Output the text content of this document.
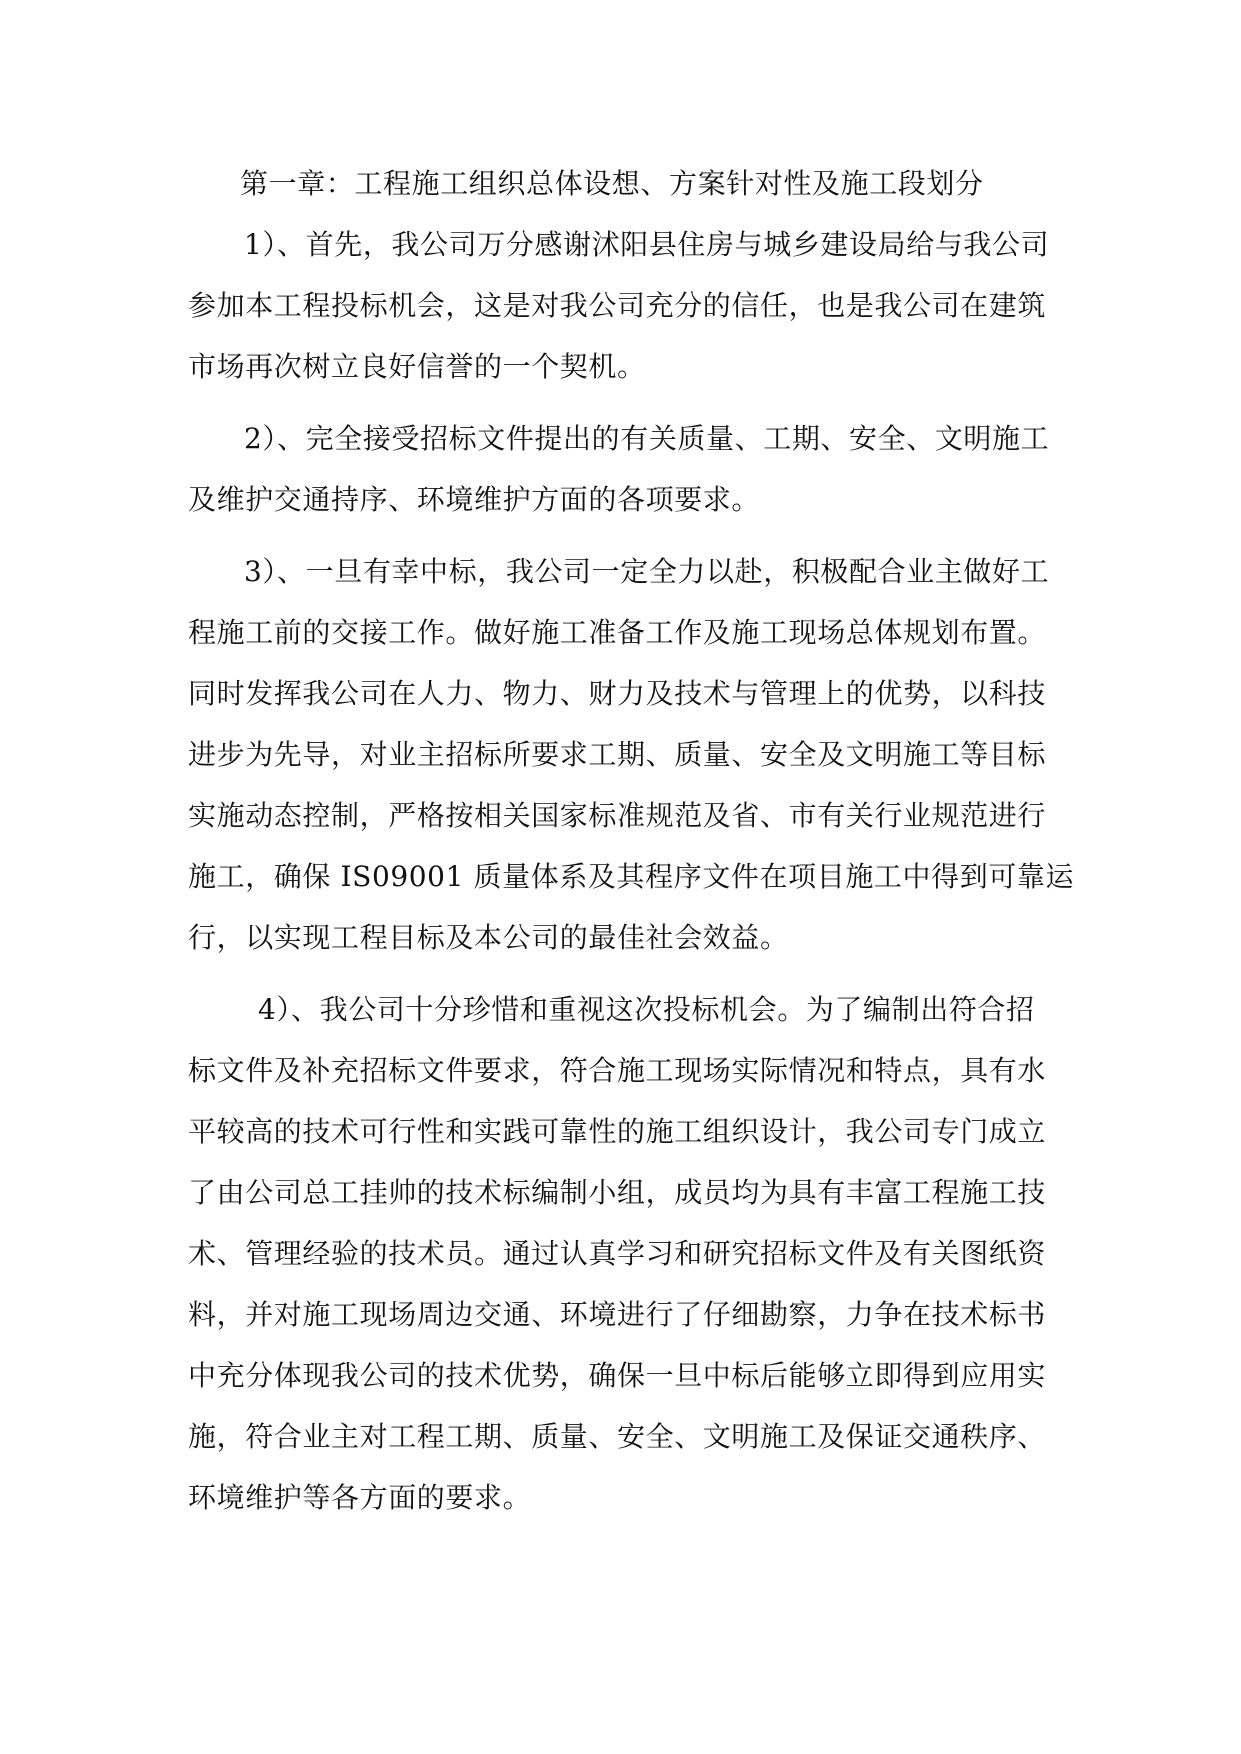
第一章：工程施工组织总体设想、方案针对性及施工段划分
1）、首先，我公司万分感谢沭阳县住房与城乡建设局给与我公司
参加本工程投标机会，这是对我公司充分的信任，也是我公司在建筑
市场再次树立良好信誉的一个契机。
2）、完全接受招标文件提出的有关质量、工期、安全、文明施工
及维护交通持序、环境维护方面的各项要求。
3）、一旦有幸中标，我公司一定全力以赴，积极配合业主做好工
程施工前的交接工作。做好施工准备工作及施工现场总体规划布置。
同时发挥我公司在人力、物力、财力及技术与管理上的优势，以科技
进步为先导，对业主招标所要求工期、质量、安全及文明施工等目标
实施动态控制，严格按相关国家标准规范及省、市有关行业规范进行
施工，确保 IS09001 质量体系及其程序文件在项目施工中得到可靠运
行，以实现工程目标及本公司的最佳社会效益。
4）、我公司十分珍惜和重视这次投标机会。为了编制出符合招
标文件及补充招标文件要求，符合施工现场实际情况和特点，具有水
平较高的技术可行性和实践可靠性的施工组织设计，我公司专门成立
了由公司总工挂帅的技术标编制小组，成员均为具有丰富工程施工技
术、管理经验的技术员。通过认真学习和研究招标文件及有关图纸资
料，并对施工现场周边交通、环境进行了仔细勘察，力争在技术标书
中充分体现我公司的技术优势，确保一旦中标后能够立即得到应用实
施，符合业主对工程工期、质量、安全、文明施工及保证交通秩序、
环境维护等各方面的要求。
